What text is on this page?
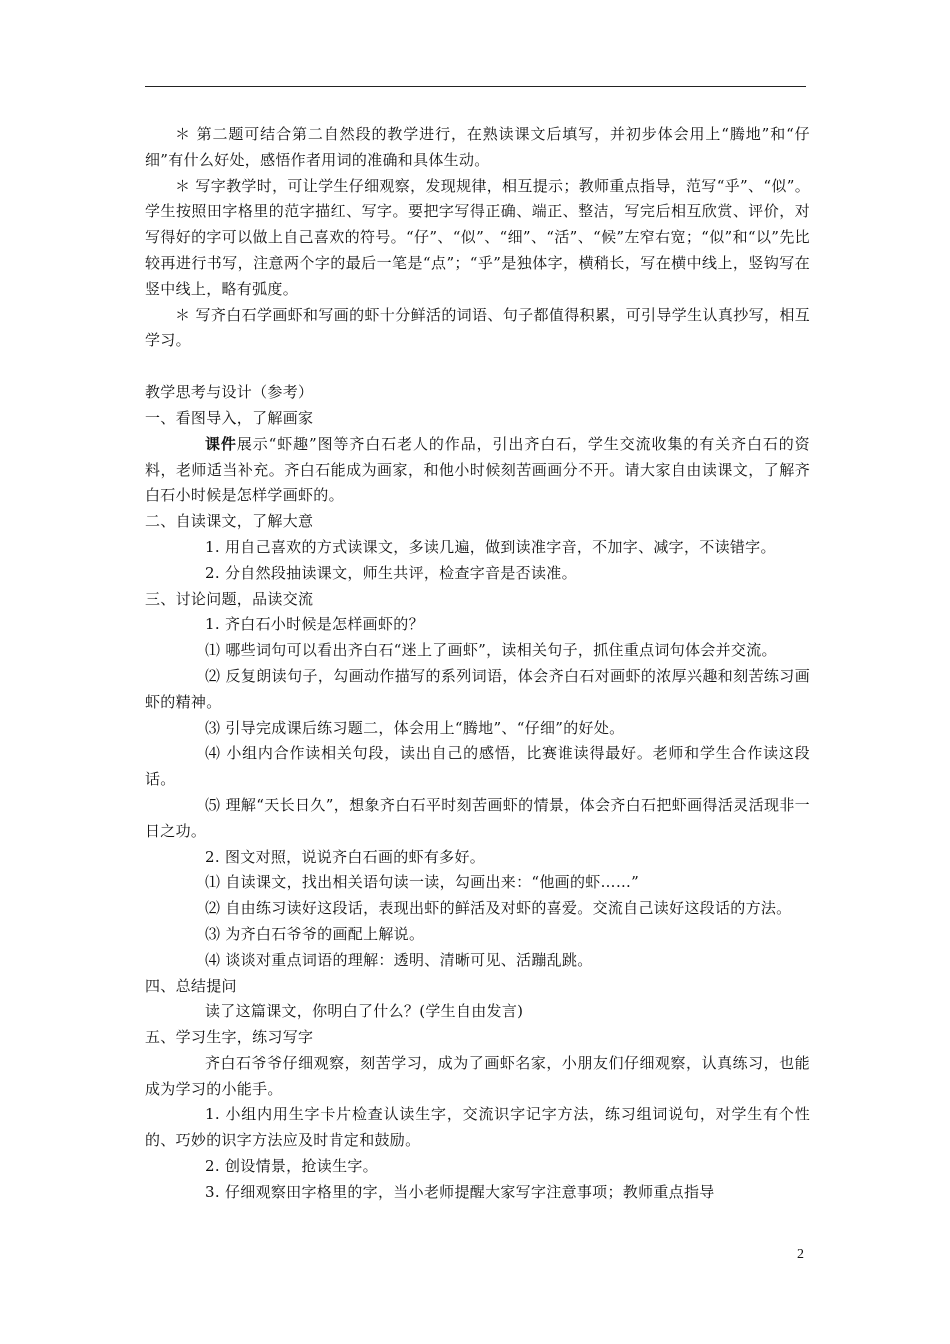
＊ 第二题可结合第二自然段的教学进行，在熟读课文后填写，并初步体会用上“腾地”和“仔细”有什么好处，感悟作者用词的准确和具体生动。

＊ 写字教学时，可让学生仔细观察，发现规律，相互提示；教师重点指导，范写“乎”、“似”。学生按照田字格里的范字描红、写字。要把字写得正确、端正、整洁，写完后相互欣赏、评价，对写得好的字可以做上自己喜欢的符号。“仔”、“似”、“细”、“活”、“候”左窄右宽；“似”和“以”先比较再进行书写，注意两个字的最后一笔是“点”；“乎”是独体字，横稍长，写在横中线上，竖钩写在竖中线上，略有弧度。

＊ 写齐白石学画虾和写画的虾十分鲜活的词语、句子都值得积累，可引导学生认真抄写，相互学习。

教学思考与设计（参考）

一、看图导入，了解画家

课件展示“虾趣”图等齐白石老人的作品，引出齐白石，学生交流收集的有关齐白石的资料，老师适当补充。齐白石能成为画家，和他小时候刻苦画画分不开。请大家自由读课文，了解齐白石小时候是怎样学画虾的。

二、自读课文，了解大意

1. 用自己喜欢的方式读课文，多读几遍，做到读准字音，不加字、减字，不读错字。

2. 分自然段抽读课文，师生共评，检查字音是否读准。

三、讨论问题，品读交流

1. 齐白石小时候是怎样画虾的？

⑴ 哪些词句可以看出齐白石“迷上了画虾”，读相关句子，抓住重点词句体会并交流。

⑵ 反复朗读句子，勾画动作描写的系列词语，体会齐白石对画虾的浓厚兴趣和刻苦练习画虾的精神。

⑶ 引导完成课后练习题二，体会用上“腾地”、“仔细”的好处。

⑷ 小组内合作读相关句段，读出自己的感悟，比赛谁读得最好。老师和学生合作读这段话。

⑸ 理解“天长日久”，想象齐白石平时刻苦画虾的情景，体会齐白石把虾画得活灵活现非一日之功。

2. 图文对照，说说齐白石画的虾有多好。

⑴ 自读课文，找出相关语句读一读，勾画出来：“他画的虾……”

⑵ 自由练习读好这段话，表现出虾的鲜活及对虾的喜爱。交流自己读好这段话的方法。

⑶ 为齐白石爷爷的画配上解说。

⑷ 谈谈对重点词语的理解：透明、清晰可见、活蹦乱跳。

四、总结提问

读了这篇课文，你明白了什么？(学生自由发言)

五、学习生字，练习写字

齐白石爷爷仔细观察，刻苦学习，成为了画虾名家，小朋友们仔细观察，认真练习，也能成为学习的小能手。

1. 小组内用生字卡片检查认读生字，交流识字记字方法，练习组词说句，对学生有个性的、巧妙的识字方法应及时肯定和鼓励。

2. 创设情景，抢读生字。

3. 仔细观察田字格里的字，当小老师提醒大家写字注意事项；教师重点指导

2
